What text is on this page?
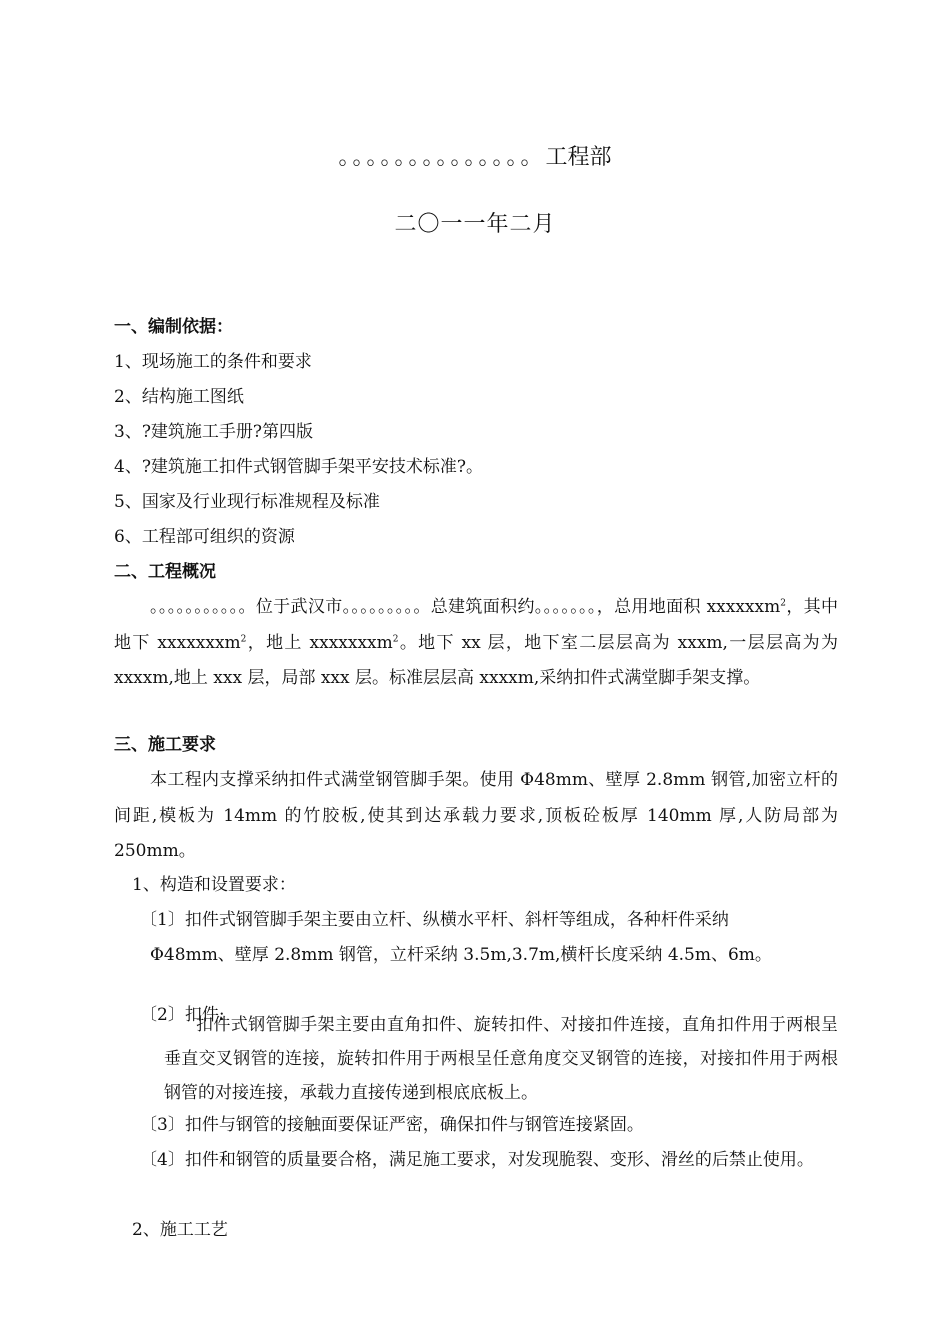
。。。。。。。。。。。。。。工程部
二〇一一年二月
一、编制依据：
1、现场施工的条件和要求
2、结构施工图纸
3、?建筑施工手册?第四版
4、?建筑施工扣件式钢管脚手架平安技术标准?。
5、国家及行业现行标准规程及标准
6、工程部可组织的资源
二、工程概况
。。。。。。。。。。。位于武汉市。。。。。。。。。总建筑面积约。。。。。。。，总用地面积 xxxxxxm$^2$，其中地下 xxxxxxxm$^2$，地上 xxxxxxxm$^2$。地下 xx 层，地下室二层层高为 xxxm,一层层高为为 xxxxm,地上 xxx 层，局部 xxx 层。标准层层高 xxxxm,采纳扣件式满堂脚手架支撑。
三、施工要求
本工程内支撑采纳扣件式满堂钢管脚手架。使用 Φ48mm、壁厚 2.8mm 钢管,加密立杆的间距,模板为 14mm 的竹胶板,使其到达承载力要求,顶板砼板厚 140mm 厚,人防局部为 250mm。
1、构造和设置要求：
〔1〕扣件式钢管脚手架主要由立杆、纵横水平杆、斜杆等组成，各种杆件采纳
Φ48mm、壁厚 2.8mm 钢管，立杆采纳 3.5m,3.7m,横杆长度采纳 4.5m、6m。
〔2〕扣件:
扣件式钢管脚手架主要由直角扣件、旋转扣件、对接扣件连接，直角扣件用于两根呈垂直交叉钢管的连接，旋转扣件用于两根呈任意角度交叉钢管的连接，对接扣件用于两根钢管的对接连接，承载力直接传递到根底底板上。
〔3〕扣件与钢管的接触面要保证严密，确保扣件与钢管连接紧固。
〔4〕扣件和钢管的质量要合格，满足施工要求，对发现脆裂、变形、滑丝的后禁止使用。
2、施工工艺
